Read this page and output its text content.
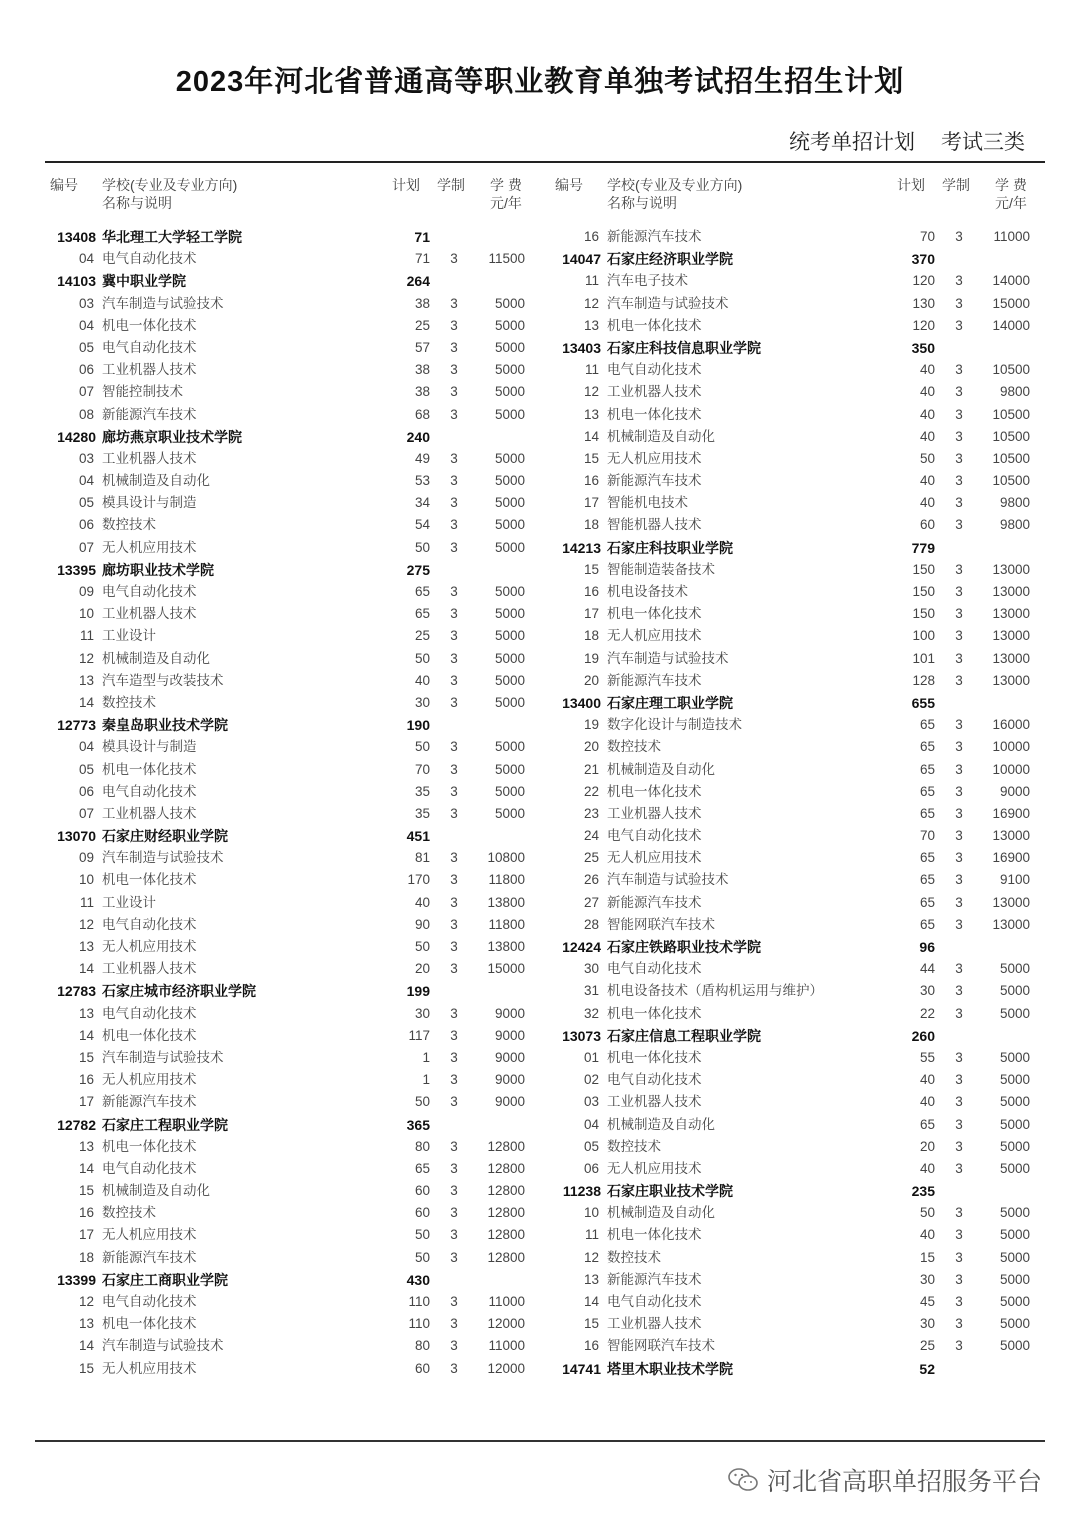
2023年河北省普通高等职业教育单独考试招生招生计划
统考单招计划 考试三类
编号 学校(专业及专业方向)
名称与说明
计划 学制 学 费
元/年
13408 华北理工大学轻工学院	71
04 电气自动化技术	71	3	11500
14103 冀中职业学院	264
03 汽车制造与试验技术	38	3	5000
04 机电一体化技术	25	3	5000
05 电气自动化技术	57	3	5000
06 工业机器人技术	38	3	5000
07 智能控制技术	38	3	5000
08 新能源汽车技术	68	3	5000
14280 廊坊燕京职业技术学院	240
03 工业机器人技术	49	3	5000
04 机械制造及自动化	53	3	5000
05 模具设计与制造	34	3	5000
06 数控技术	54	3	5000
07 无人机应用技术	50	3	5000
13395 廊坊职业技术学院	275
09 电气自动化技术	65	3	5000
10 工业机器人技术	65	3	5000
11 工业设计	25	3	5000
12 机械制造及自动化	50	3	5000
13 汽车造型与改装技术	40	3	5000
14 数控技术	30	3	5000
12773 秦皇岛职业技术学院	190
04 模具设计与制造	50	3	5000
05 机电一体化技术	70	3	5000
06 电气自动化技术	35	3	5000
07 工业机器人技术	35	3	5000
13070 石家庄财经职业学院	451
09 汽车制造与试验技术	81	3	10800
10 机电一体化技术	170	3	11800
11 工业设计	40	3	13800
12 电气自动化技术	90	3	11800
13 无人机应用技术	50	3	13800
14 工业机器人技术	20	3	15000
12783 石家庄城市经济职业学院	199
13 电气自动化技术	30	3	9000
14 机电一体化技术	117	3	9000
15 汽车制造与试验技术	1	3	9000
16 无人机应用技术	1	3	9000
17 新能源汽车技术	50	3	9000
12782 石家庄工程职业学院	365
13 机电一体化技术	80	3	12800
14 电气自动化技术	65	3	12800
15 机械制造及自动化	60	3	12800
16 数控技术	60	3	12800
17 无人机应用技术	50	3	12800
18 新能源汽车技术	50	3	12800
13399 石家庄工商职业学院	430
12 电气自动化技术	110	3	11000
13 机电一体化技术	110	3	12000
14 汽车制造与试验技术	80	3	11000
15 无人机应用技术	60	3	12000
编号 学校(专业及专业方向)
名称与说明
计划 学制 学 费
元/年
16 新能源汽车技术	70	3	11000
14047 石家庄经济职业学院	370
11 汽车电子技术	120	3	14000
12 汽车制造与试验技术	130	3	15000
13 机电一体化技术	120	3	14000
13403 石家庄科技信息职业学院	350
11 电气自动化技术	40	3	10500
12 工业机器人技术	40	3	9800
13 机电一体化技术	40	3	10500
14 机械制造及自动化	40	3	10500
15 无人机应用技术	50	3	10500
16 新能源汽车技术	40	3	10500
17 智能机电技术	40	3	9800
18 智能机器人技术	60	3	9800
14213 石家庄科技职业学院	779
15 智能制造装备技术	150	3	13000
16 机电设备技术	150	3	13000
17 机电一体化技术	150	3	13000
18 无人机应用技术	100	3	13000
19 汽车制造与试验技术	101	3	13000
20 新能源汽车技术	128	3	13000
13400 石家庄理工职业学院	655
19 数字化设计与制造技术	65	3	16000
20 数控技术	65	3	10000
21 机械制造及自动化	65	3	10000
22 机电一体化技术	65	3	9000
23 工业机器人技术	65	3	16900
24 电气自动化技术	70	3	13000
25 无人机应用技术	65	3	16900
26 汽车制造与试验技术	65	3	9100
27 新能源汽车技术	65	3	13000
28 智能网联汽车技术	65	3	13000
12424 石家庄铁路职业技术学院	96
30 电气自动化技术	44	3	5000
31 机电设备技术（盾构机运用与维护）	30	3	5000
32 机电一体化技术	22	3	5000
13073 石家庄信息工程职业学院	260
01 机电一体化技术	55	3	5000
02 电气自动化技术	40	3	5000
03 工业机器人技术	40	3	5000
04 机械制造及自动化	65	3	5000
05 数控技术	20	3	5000
06 无人机应用技术	40	3	5000
11238 石家庄职业技术学院	235
10 机械制造及自动化	50	3	5000
11 机电一体化技术	40	3	5000
12 数控技术	15	3	5000
13 新能源汽车技术	30	3	5000
14 电气自动化技术	45	3	5000
15 工业机器人技术	30	3	5000
16 智能网联汽车技术	25	3	5000
14741 塔里木职业技术学院	52
河北省高职单招服务平台
